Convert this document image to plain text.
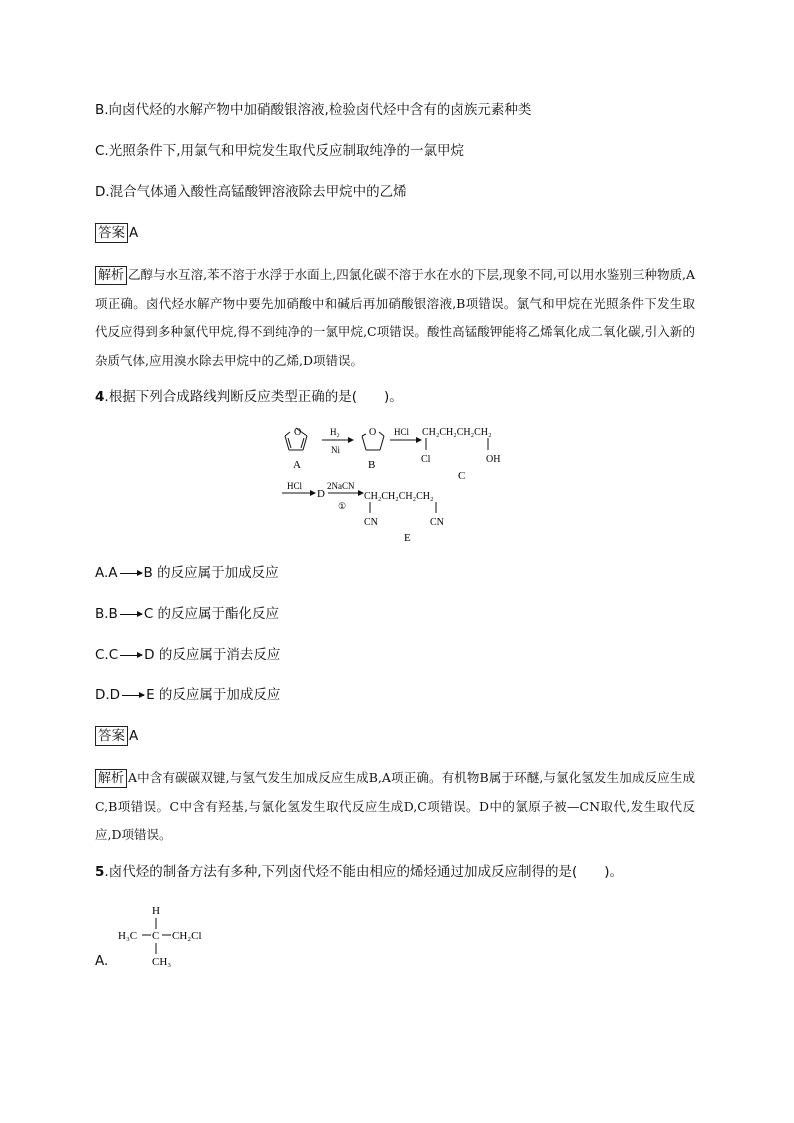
B.向卤代烃的水解产物中加硝酸银溶液,检验卤代烃中含有的卤族元素种类
C.光照条件下,用氯气和甲烷发生取代反应制取纯净的一氯甲烷
D.混合气体通入酸性高锰酸钾溶液除去甲烷中的乙烯
答案 A
解析 乙醇与水互溶,苯不溶于水浮于水面上,四氯化碳不溶于水在水的下层,现象不同,可以用水鉴别三种物质,A项正确。卤代烃水解产物中要先加硝酸中和碱后再加硝酸银溶液,B项错误。氯气和甲烷在光照条件下发生取代反应得到多种氯代甲烷,得不到纯净的一氯甲烷,C项错误。酸性高锰酸钾能将乙烯氧化成二氧化碳,引入新的杂质气体,应用溴水除去甲烷中的乙烯,D项错误。
4.根据下列合成路线判断反应类型正确的是(　　)。
O
A
H₂
Ni
O
B
HCl CH₂CH₂CH₂CH₂
Cl	OH
C
HCl
D
2NaCN
①
CH₂CH₂CH₂CH₂
CN	CN
E
A.A → B 的反应属于加成反应
B.B → C 的反应属于酯化反应
C.C → D 的反应属于消去反应
D.D → E 的反应属于加成反应
答案 A
解析 A中含有碳碳双键,与氢气发生加成反应生成B,A项正确。有机物B属于环醚,与氯化氢发生加成反应生成C,B项错误。C中含有羟基,与氯化氢发生取代反应生成D,C项错误。D中的氯原子被—CN取代,发生取代反应,D项错误。
5.卤代烃的制备方法有多种,下列卤代烃不能由相应的烯烃通过加成反应制得的是(　　)。
A.
H
H₃C C CH₂Cl
CH₃
